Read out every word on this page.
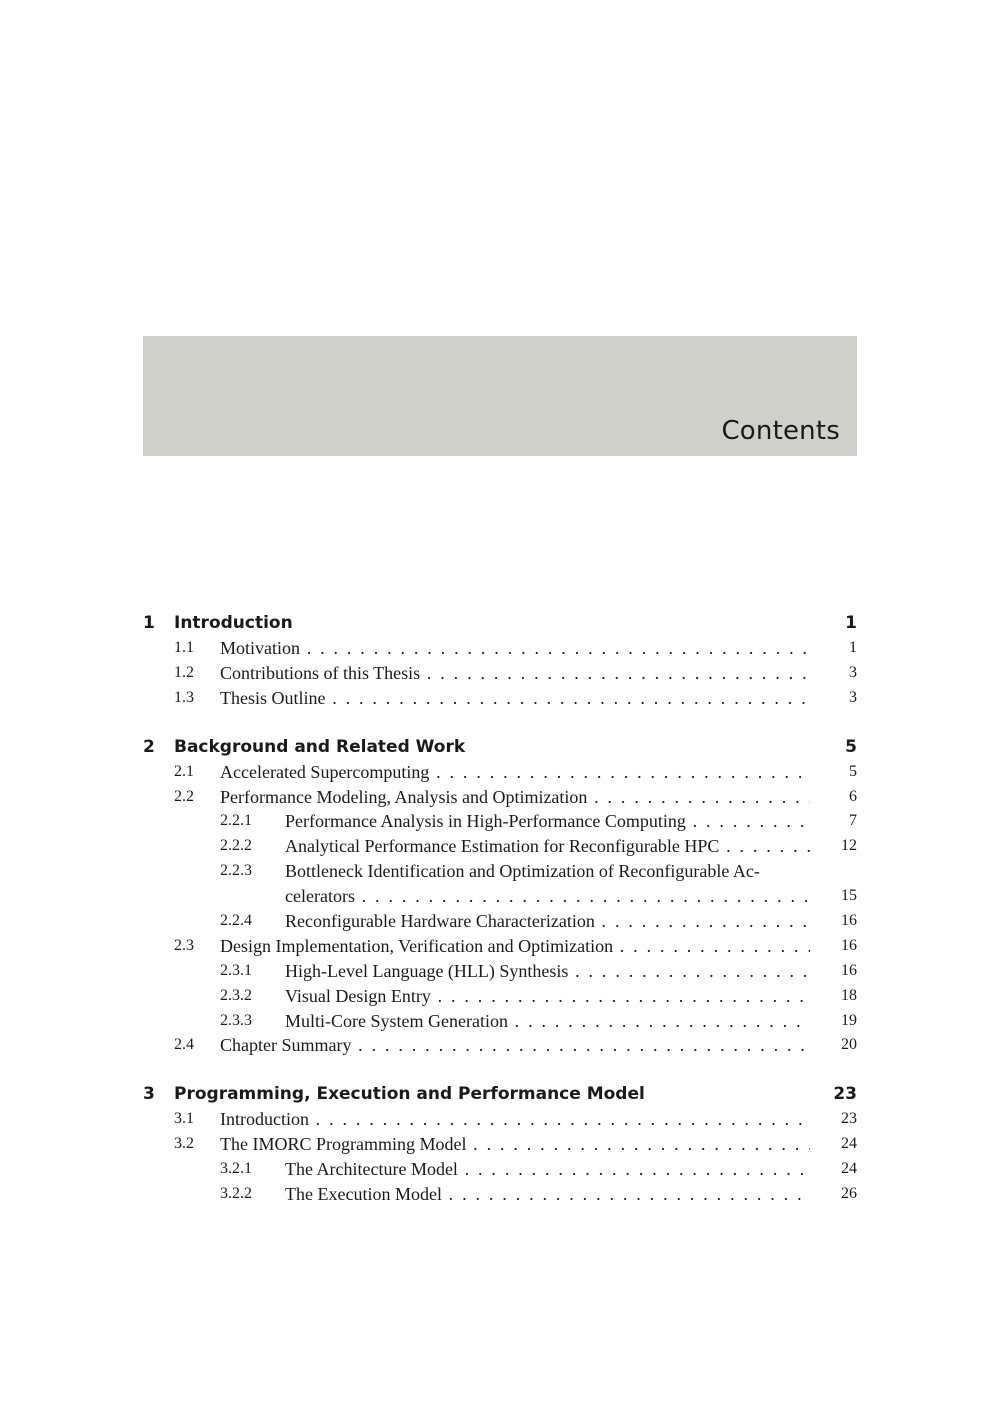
Contents
1 Introduction	1
1.1 Motivation . . .	1
1.2 Contributions of this Thesis . . .	3
1.3 Thesis Outline . . .	3
2 Background and Related Work	5
2.1 Accelerated Supercomputing . . .	5
2.2 Performance Modeling, Analysis and Optimization . . .	6
2.2.1 Performance Analysis in High-Performance Computing . . .	7
2.2.2 Analytical Performance Estimation for Reconfigurable HPC . . .	12
2.2.3 Bottleneck Identification and Optimization of Reconfigurable Ac-
celerators . . .	15
2.2.4 Reconfigurable Hardware Characterization . . .	16
2.3 Design Implementation, Verification and Optimization . . .	16
2.3.1 High-Level Language (HLL) Synthesis . . .	16
2.3.2 Visual Design Entry . . .	18
2.3.3 Multi-Core System Generation . . .	19
2.4 Chapter Summary . . .	20
3 Programming, Execution and Performance Model	23
3.1 Introduction . . .	23
3.2 The IMORC Programming Model . . .	24
3.2.1 The Architecture Model . . .	24
3.2.2 The Execution Model . . .	26
